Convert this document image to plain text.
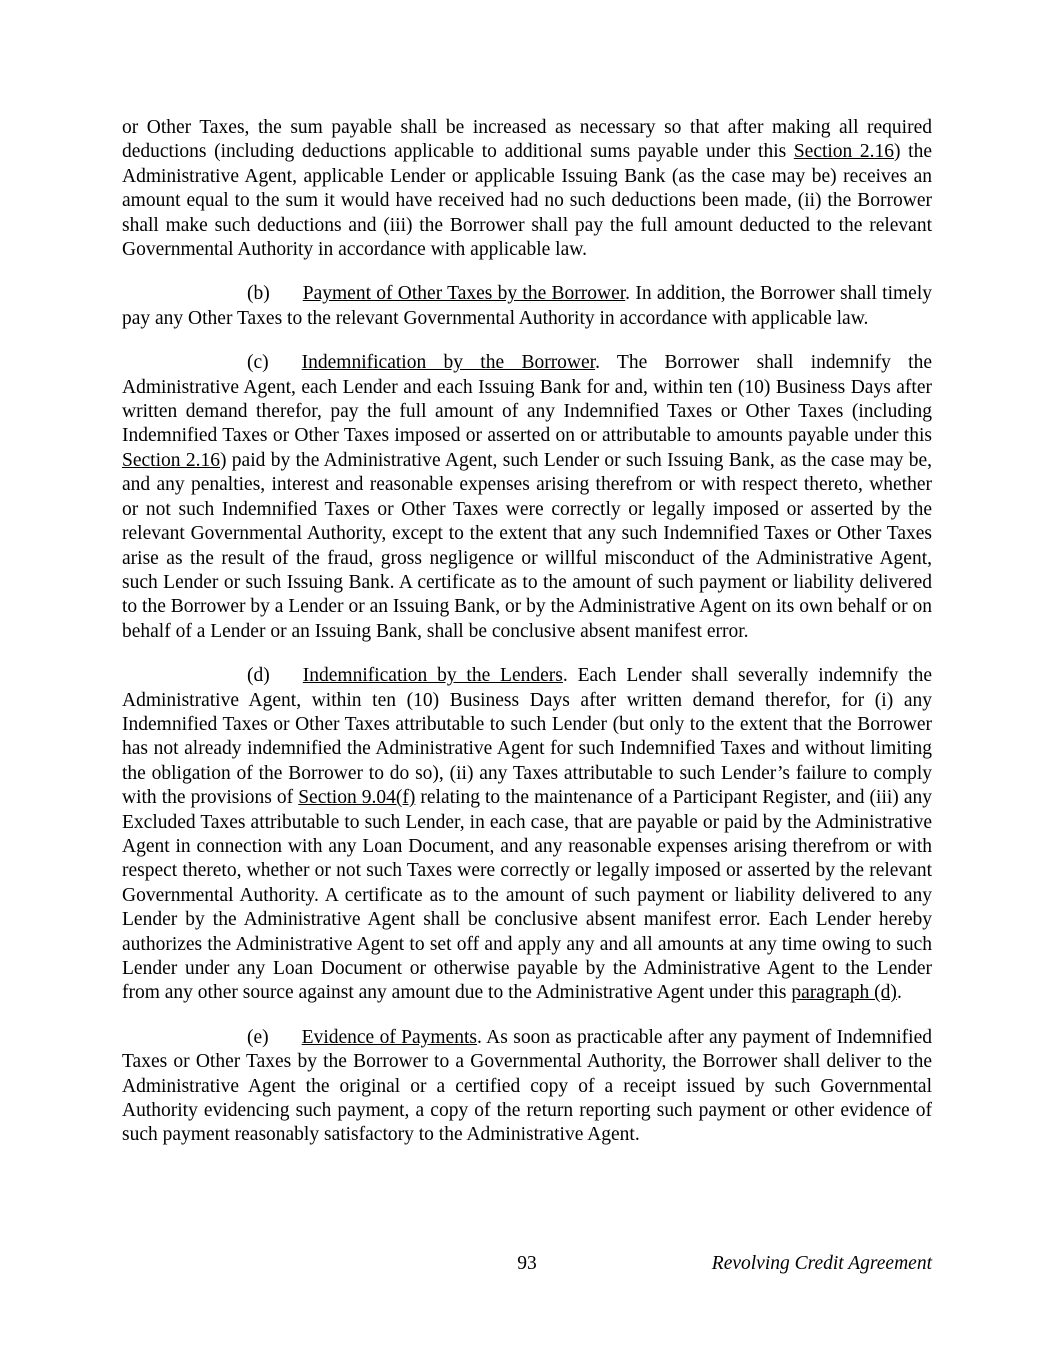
or Other Taxes, the sum payable shall be increased as necessary so that after making all required deductions (including deductions applicable to additional sums payable under this Section 2.16) the Administrative Agent, applicable Lender or applicable Issuing Bank (as the case may be) receives an amount equal to the sum it would have received had no such deductions been made, (ii) the Borrower shall make such deductions and (iii) the Borrower shall pay the full amount deducted to the relevant Governmental Authority in accordance with applicable law.

(b) Payment of Other Taxes by the Borrower. In addition, the Borrower shall timely pay any Other Taxes to the relevant Governmental Authority in accordance with applicable law.

(c) Indemnification by the Borrower. The Borrower shall indemnify the Administrative Agent, each Lender and each Issuing Bank for and, within ten (10) Business Days after written demand therefor, pay the full amount of any Indemnified Taxes or Other Taxes (including Indemnified Taxes or Other Taxes imposed or asserted on or attributable to amounts payable under this Section 2.16) paid by the Administrative Agent, such Lender or such Issuing Bank, as the case may be, and any penalties, interest and reasonable expenses arising therefrom or with respect thereto, whether or not such Indemnified Taxes or Other Taxes were correctly or legally imposed or asserted by the relevant Governmental Authority, except to the extent that any such Indemnified Taxes or Other Taxes arise as the result of the fraud, gross negligence or willful misconduct of the Administrative Agent, such Lender or such Issuing Bank. A certificate as to the amount of such payment or liability delivered to the Borrower by a Lender or an Issuing Bank, or by the Administrative Agent on its own behalf or on behalf of a Lender or an Issuing Bank, shall be conclusive absent manifest error.

(d) Indemnification by the Lenders. Each Lender shall severally indemnify the Administrative Agent, within ten (10) Business Days after written demand therefor, for (i) any Indemnified Taxes or Other Taxes attributable to such Lender (but only to the extent that the Borrower has not already indemnified the Administrative Agent for such Indemnified Taxes and without limiting the obligation of the Borrower to do so), (ii) any Taxes attributable to such Lender’s failure to comply with the provisions of Section 9.04(f) relating to the maintenance of a Participant Register, and (iii) any Excluded Taxes attributable to such Lender, in each case, that are payable or paid by the Administrative Agent in connection with any Loan Document, and any reasonable expenses arising therefrom or with respect thereto, whether or not such Taxes were correctly or legally imposed or asserted by the relevant Governmental Authority. A certificate as to the amount of such payment or liability delivered to any Lender by the Administrative Agent shall be conclusive absent manifest error. Each Lender hereby authorizes the Administrative Agent to set off and apply any and all amounts at any time owing to such Lender under any Loan Document or otherwise payable by the Administrative Agent to the Lender from any other source against any amount due to the Administrative Agent under this paragraph (d).

(e) Evidence of Payments. As soon as practicable after any payment of Indemnified Taxes or Other Taxes by the Borrower to a Governmental Authority, the Borrower shall deliver to the Administrative Agent the original or a certified copy of a receipt issued by such Governmental Authority evidencing such payment, a copy of the return reporting such payment or other evidence of such payment reasonably satisfactory to the Administrative Agent.

93	Revolving Credit Agreement
